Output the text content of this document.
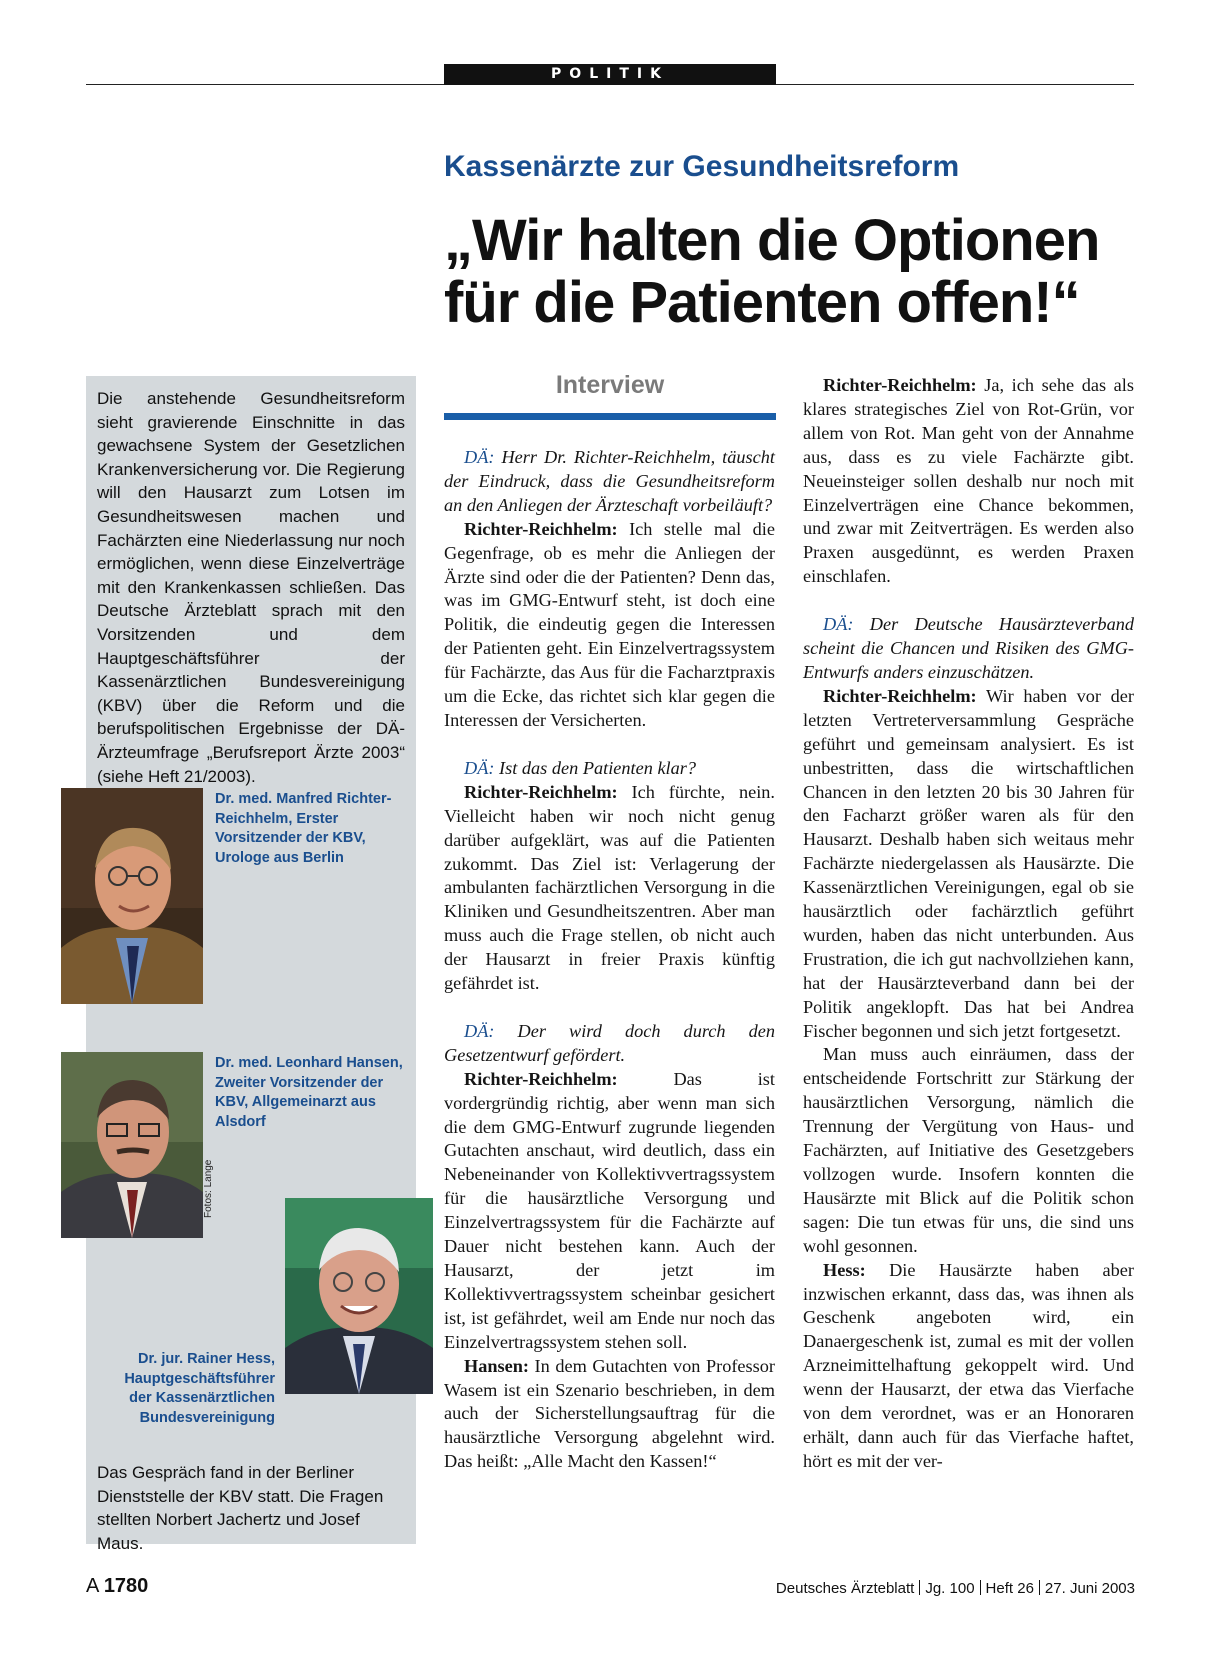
POLITIK
Kassenärzte zur Gesundheitsreform
„Wir halten die Optionen
für die Patienten offen!“
Die anstehende Gesundheitsreform sieht gravierende Einschnitte in das gewachsene System der Gesetzlichen Krankenversicherung vor. Die Regierung will den Hausarzt zum Lotsen im Gesundheitswesen machen und Fachärzten eine Niederlassung nur noch ermöglichen, wenn diese Einzelverträge mit den Krankenkassen schließen. Das Deutsche Ärzteblatt sprach mit den Vorsitzenden und dem Hauptgeschäftsführer der Kassenärztlichen Bundesvereinigung (KBV) über die Reform und die berufspolitischen Ergebnisse der DÄ-Ärzteumfrage „Berufsreport Ärzte 2003“ (siehe Heft 21/2003).
Dr. med. Manfred Richter-Reichhelm, Erster Vorsitzender der KBV, Urologe aus Berlin
Dr. med. Leonhard Hansen, Zweiter Vorsitzender der KBV, Allgemeinarzt aus Alsdorf
Fotos: Lange
Dr. jur. Rainer Hess, Hauptgeschäftsführer der Kassenärztlichen Bundesvereinigung
Das Gespräch fand in der Berliner Dienststelle der KBV statt. Die Fragen stellten Norbert Jachertz und Josef Maus.
Interview

DÄ: Herr Dr. Richter-Reichhelm, täuscht der Eindruck, dass die Gesundheitsreform an den Anliegen der Ärzteschaft vorbeiläuft?

Richter-Reichhelm: Ich stelle mal die Gegenfrage, ob es mehr die Anliegen der Ärzte sind oder die der Patienten? Denn das, was im GMG-Entwurf steht, ist doch eine Politik, die eindeutig gegen die Interessen der Patienten geht. Ein Einzelvertragssystem für Fachärzte, das Aus für die Facharztpraxis um die Ecke, das richtet sich klar gegen die Interessen der Versicherten.

DÄ: Ist das den Patienten klar?

Richter-Reichhelm: Ich fürchte, nein. Vielleicht haben wir noch nicht genug darüber aufgeklärt, was auf die Patienten zukommt. Das Ziel ist: Verlagerung der ambulanten fachärztlichen Versorgung in die Kliniken und Gesundheitszentren. Aber man muss auch die Frage stellen, ob nicht auch der Hausarzt in freier Praxis künftig gefährdet ist.

DÄ: Der wird doch durch den Gesetzentwurf gefördert.

Richter-Reichhelm: Das ist vordergründig richtig, aber wenn man sich die dem GMG-Entwurf zugrunde liegenden Gutachten anschaut, wird deutlich, dass ein Nebeneinander von Kollektivvertragssystem für die hausärztliche Versorgung und Einzelvertragssystem für die Fachärzte auf Dauer nicht bestehen kann. Auch der Hausarzt, der jetzt im Kollektivvertragssystem scheinbar gesichert ist, ist gefährdet, weil am Ende nur noch das Einzelvertragssystem stehen soll.

Hansen: In dem Gutachten von Professor Wasem ist ein Szenario beschrieben, in dem auch der Sicherstellungsauftrag für die hausärztliche Versorgung abgelehnt wird. Das heißt: „Alle Macht den Kassen!“

Richter-Reichhelm: Ja, ich sehe das als klares strategisches Ziel von Rot-Grün, vor allem von Rot. Man geht von der Annahme aus, dass es zu viele Fachärzte gibt. Neueinsteiger sollen deshalb nur noch mit Einzelverträgen eine Chance bekommen, und zwar mit Zeitverträgen. Es werden also Praxen ausgedünnt, es werden Praxen einschlafen.

DÄ: Der Deutsche Hausärzteverband scheint die Chancen und Risiken des GMG-Entwurfs anders einzuschätzen.

Richter-Reichhelm: Wir haben vor der letzten Vertreterversammlung Gespräche geführt und gemeinsam analysiert. Es ist unbestritten, dass die wirtschaftlichen Chancen in den letzten 20 bis 30 Jahren für den Facharzt größer waren als für den Hausarzt. Deshalb haben sich weitaus mehr Fachärzte niedergelassen als Hausärzte. Die Kassenärztlichen Vereinigungen, egal ob sie hausärztlich oder fachärztlich geführt wurden, haben das nicht unterbunden. Aus Frustration, die ich gut nachvollziehen kann, hat der Hausärzteverband dann bei der Politik angeklopft. Das hat bei Andrea Fischer begonnen und sich jetzt fortgesetzt.

Man muss auch einräumen, dass der entscheidende Fortschritt zur Stärkung der hausärztlichen Versorgung, nämlich die Trennung der Vergütung von Haus- und Fachärzten, auf Initiative des Gesetzgebers vollzogen wurde. Insofern konnten die Hausärzte mit Blick auf die Politik schon sagen: Die tun etwas für uns, die sind uns wohl gesonnen.

Hess: Die Hausärzte haben aber inzwischen erkannt, dass das, was ihnen als Geschenk angeboten wird, ein Danaergeschenk ist, zumal es mit der vollen Arzneimittelhaftung gekoppelt wird. Und wenn der Hausarzt, der etwa das Vierfache von dem verordnet, was er an Honoraren erhält, dann auch für das Vierfache haftet, hört es mit der ver-

A 1780	Deutsches Ärzteblatt Jg. 100 Heft 26 27. Juni 2003
